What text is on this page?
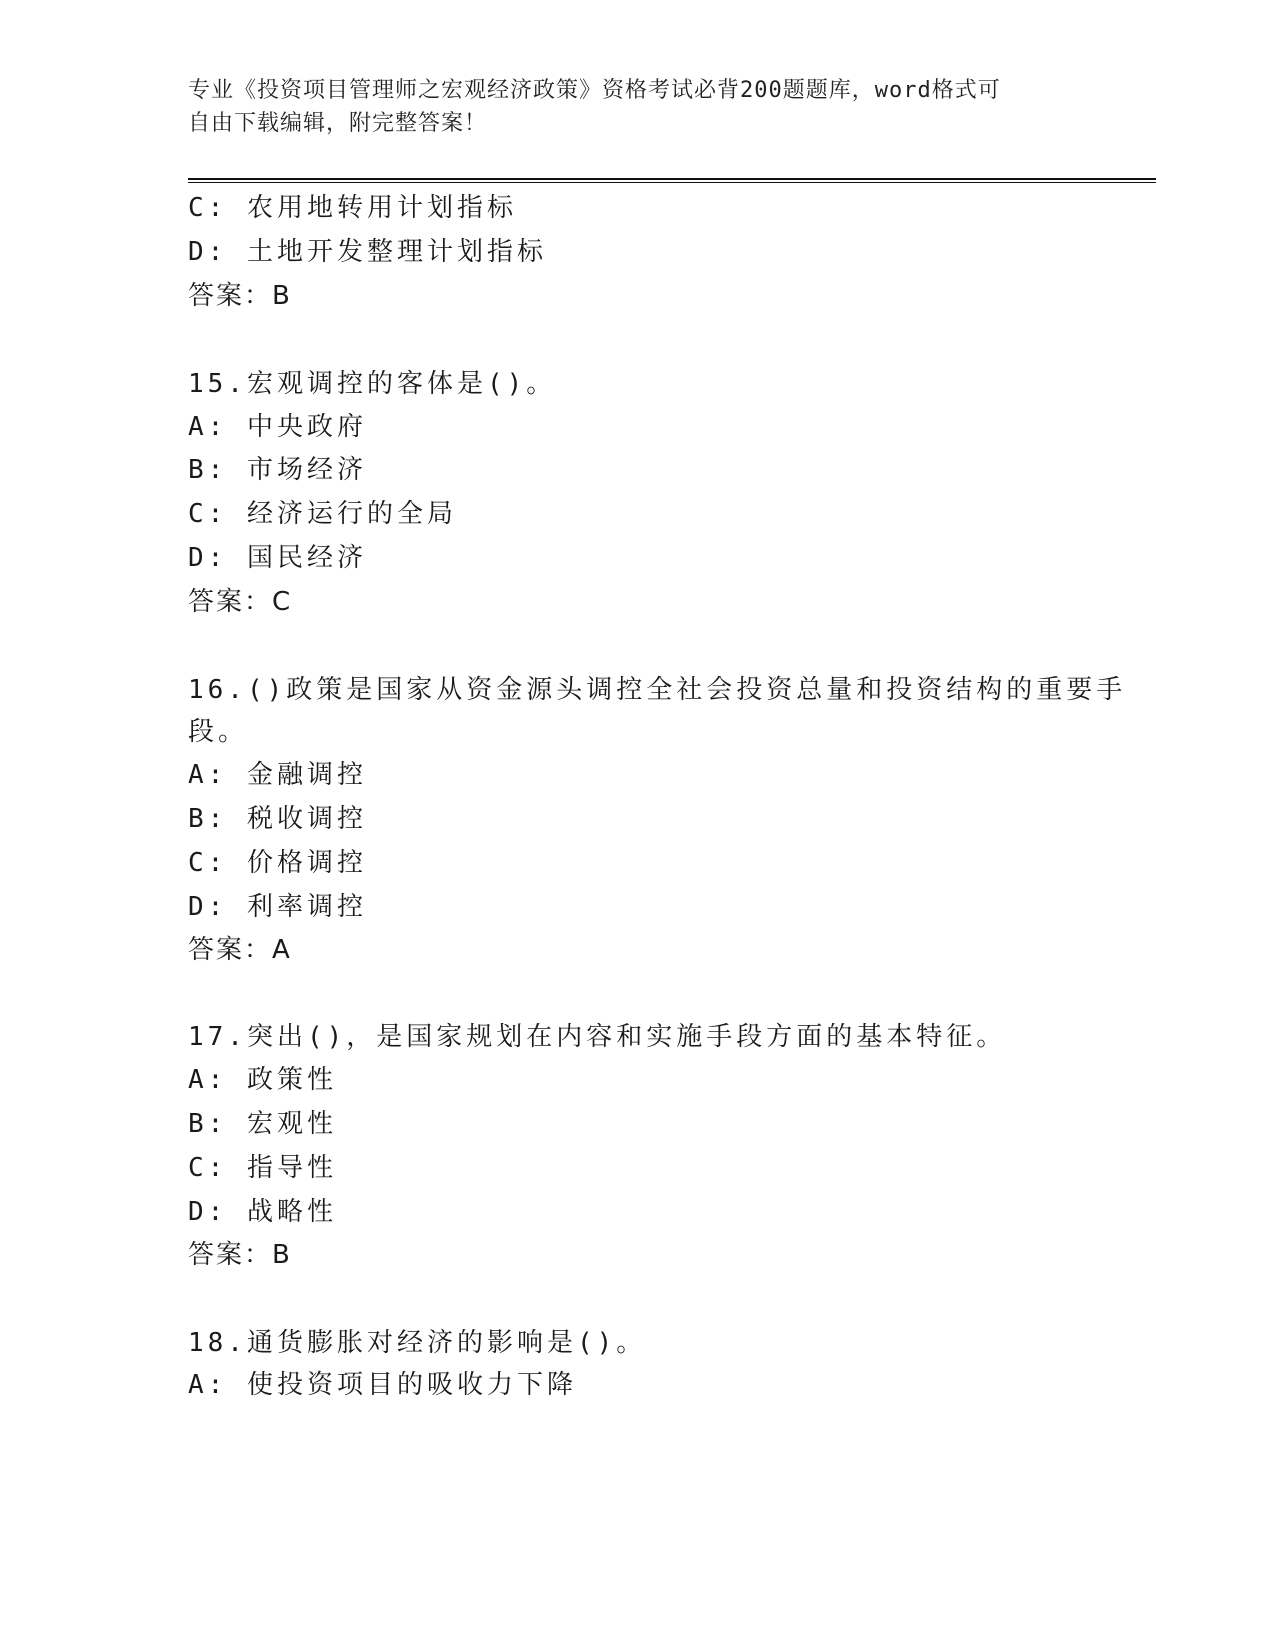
专业《投资项目管理师之宏观经济政策》资格考试必背200题题库，word格式可
自由下载编辑，附完整答案！
C: 农用地转用计划指标
D: 土地开发整理计划指标
答案：B
15.宏观调控的客体是()。
A: 中央政府
B: 市场经济
C: 经济运行的全局
D: 国民经济
答案：C
16.()政策是国家从资金源头调控全社会投资总量和投资结构的重要手
段。
A: 金融调控
B: 税收调控
C: 价格调控
D: 利率调控
答案：A
17.突出()，是国家规划在内容和实施手段方面的基本特征。
A: 政策性
B: 宏观性
C: 指导性
D: 战略性
答案：B
18.通货膨胀对经济的影响是()。
A: 使投资项目的吸收力下降
